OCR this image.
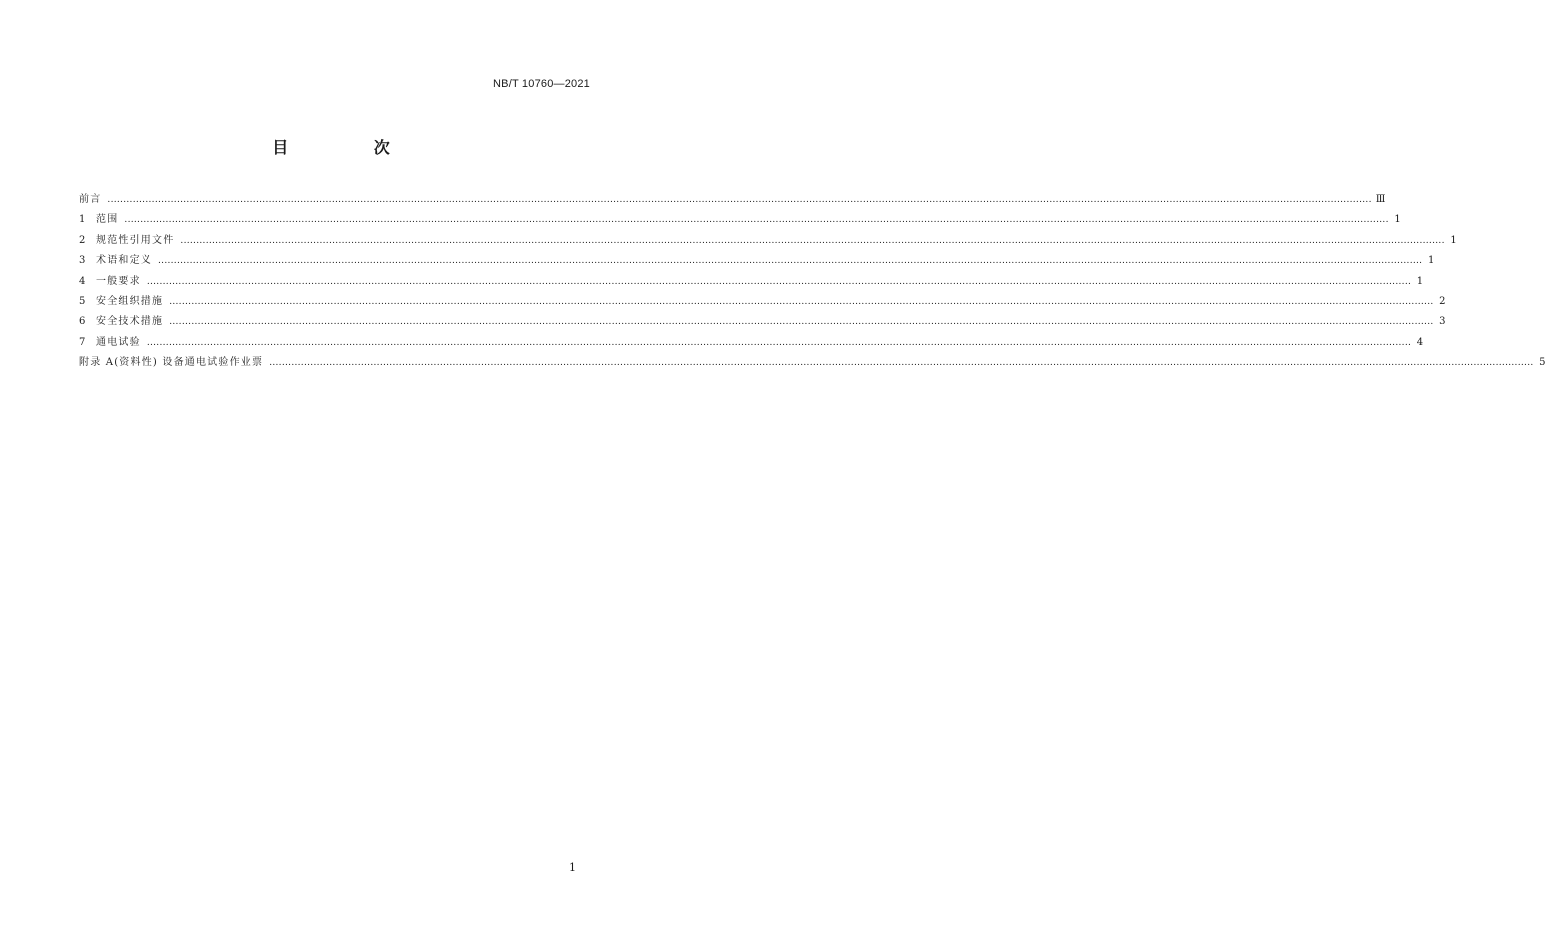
NB/T 10760—2021
目 次
前言 ................................................................................................................................................................................................................................................................................................................................................................................................................ Ⅲ
1	范围 ................................................................................................................................................................................................................................................................................................................................................................................................................ 1
2	规范性引用文件 ................................................................................................................................................................................................................................................................................................................................................................................................................ 1
3	术语和定义 ................................................................................................................................................................................................................................................................................................................................................................................................................ 1
4	一般要求 ................................................................................................................................................................................................................................................................................................................................................................................................................ 1
5	安全组织措施 ................................................................................................................................................................................................................................................................................................................................................................................................................ 2
6	安全技术措施 ................................................................................................................................................................................................................................................................................................................................................................................................................ 3
7	通电试验 ................................................................................................................................................................................................................................................................................................................................................................................................................ 4
附录 A(资料性) 设备通电试验作业票 ................................................................................................................................................................................................................................................................................................................................................................................................................ 5
1
